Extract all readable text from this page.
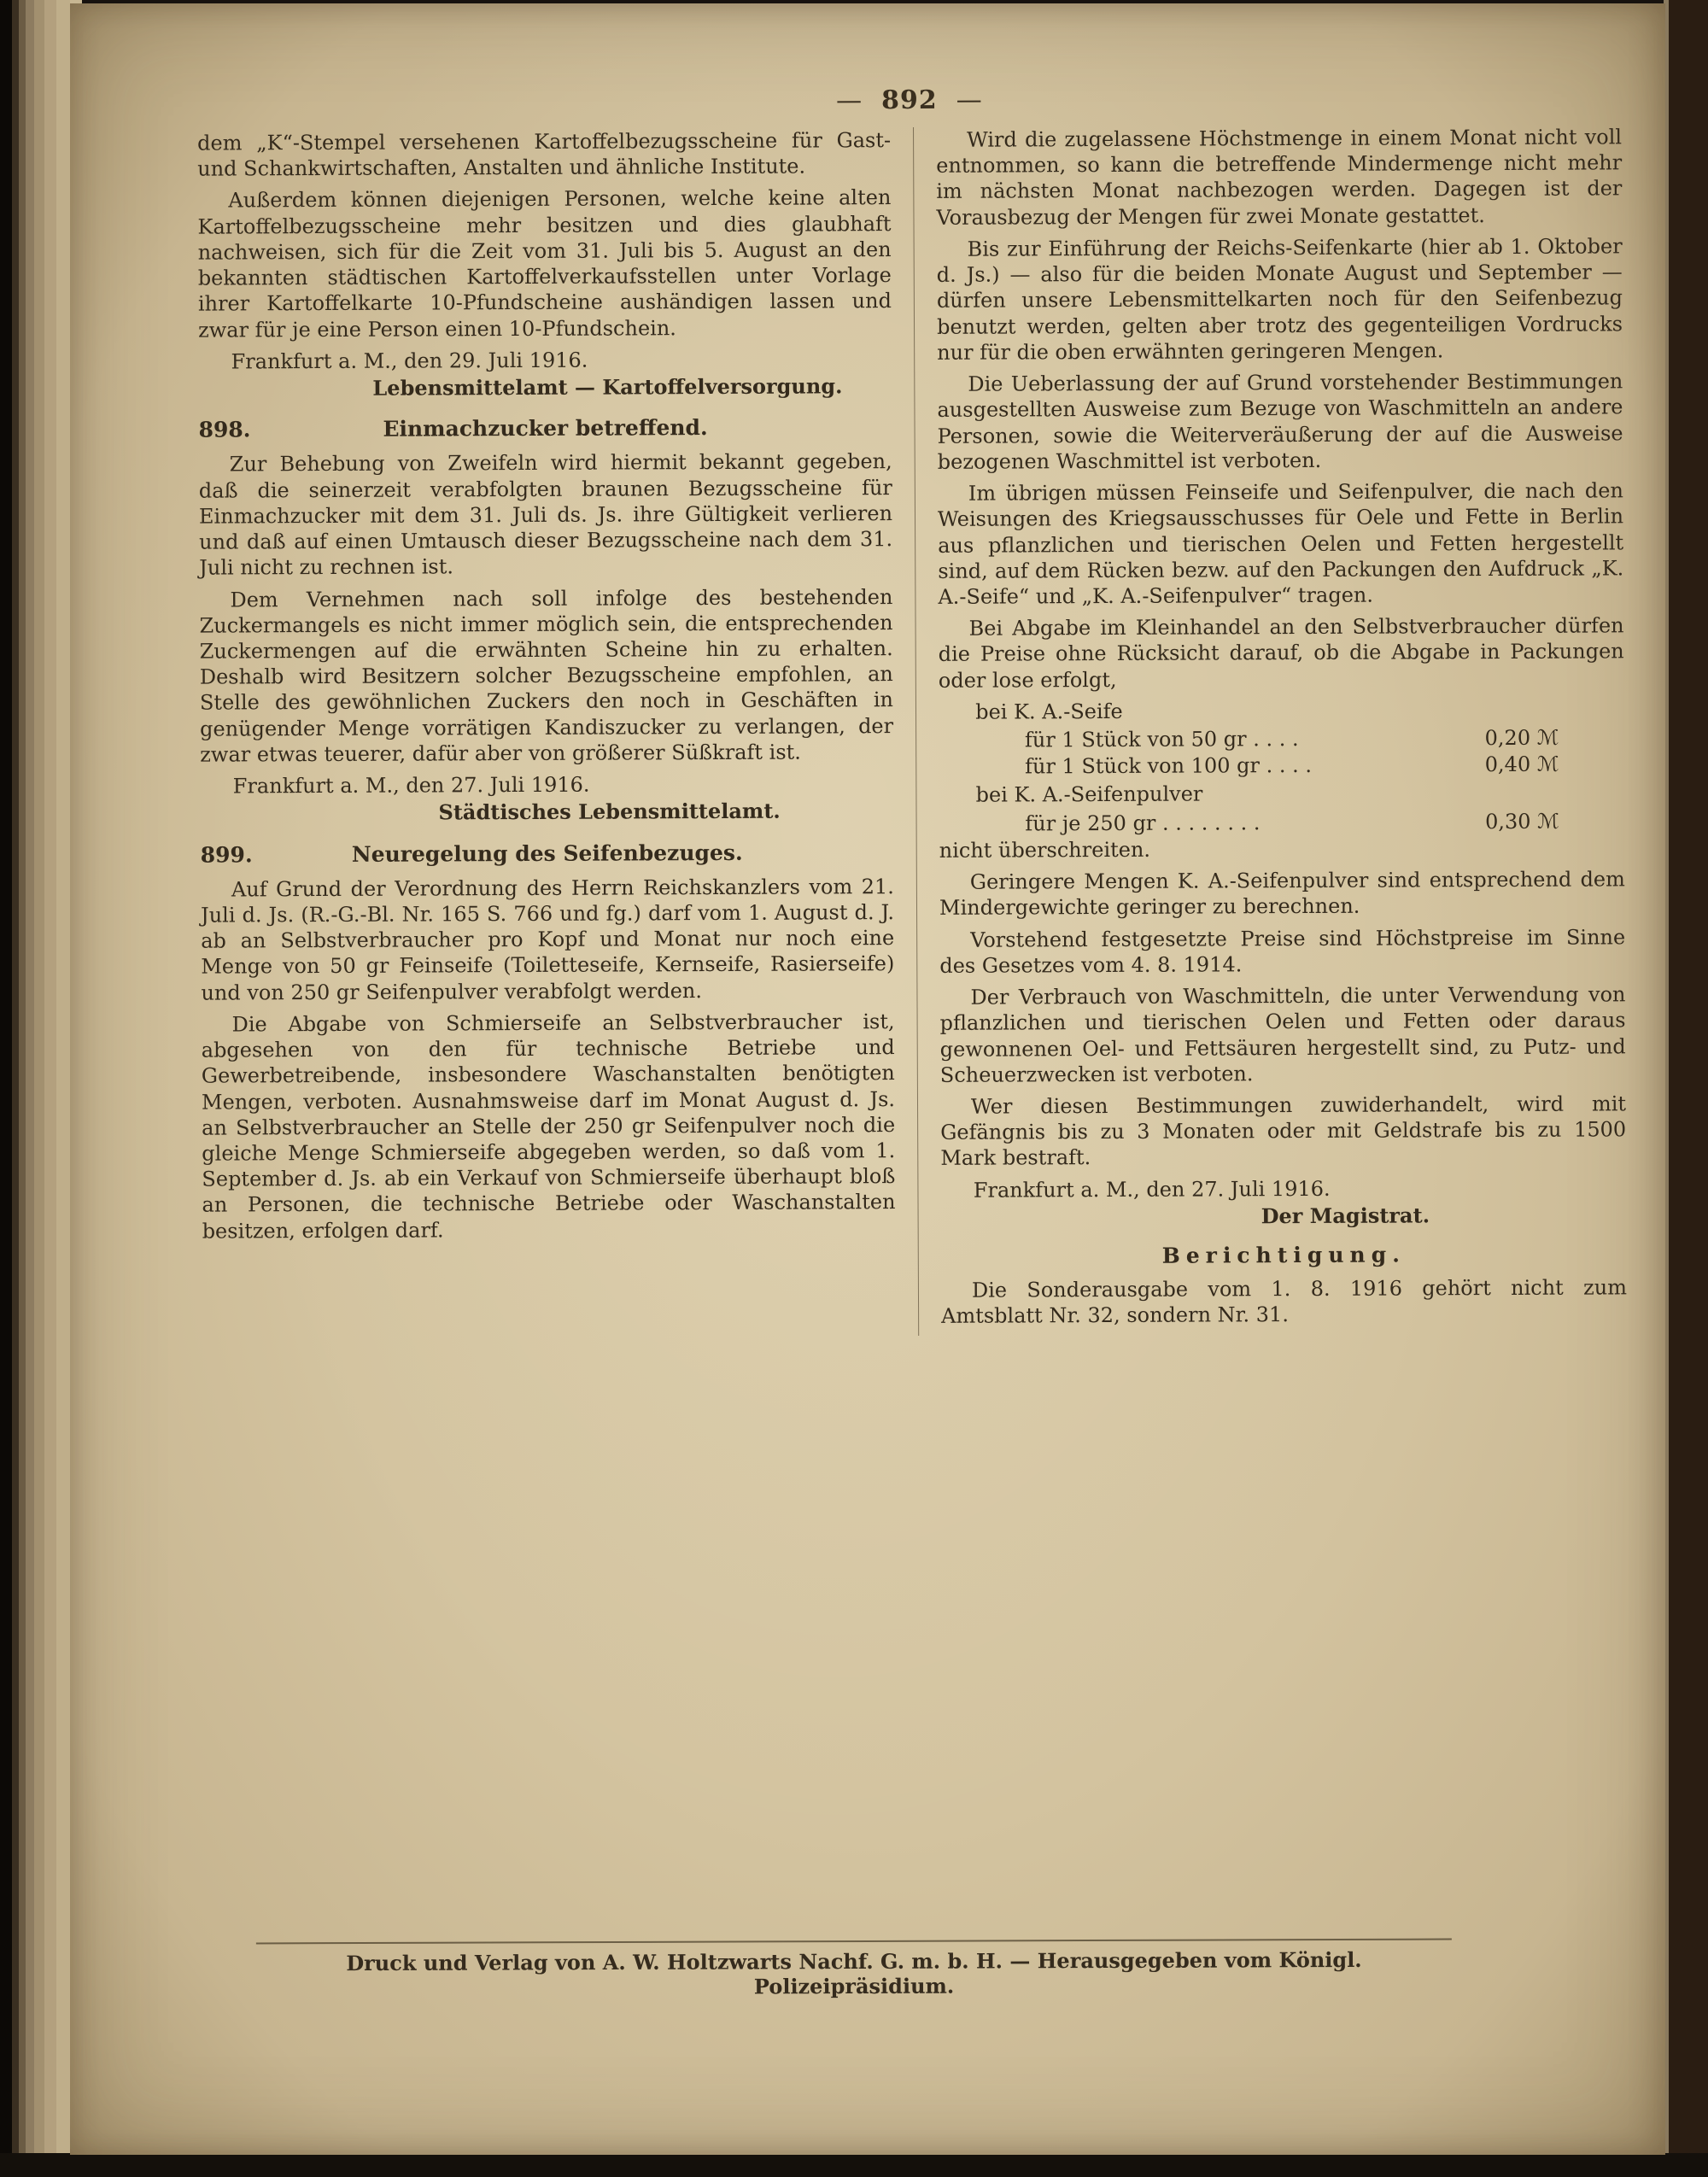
— 892 —

dem „K“-Stempel versehenen Kartoffelbezugsscheine für Gast- und Schankwirtschaften, Anstalten und ähnliche Institute.

Außerdem können diejenigen Personen, welche keine alten Kartoffelbezugsscheine mehr besitzen und dies glaubhaft nachweisen, sich für die Zeit vom 31. Juli bis 5. August an den bekannten städtischen Kartoffelverkaufsstellen unter Vorlage ihrer Kartoffelkarte 10-Pfundscheine aushändigen lassen und zwar für je eine Person einen 10-Pfundschein.

Frankfurt a. M., den 29. Juli 1916.

Lebensmittelamt — Kartoffelversorgung.

898.	Einmachzucker betreffend.

Zur Behebung von Zweifeln wird hiermit bekannt gegeben, daß die seinerzeit verabfolgten braunen Bezugsscheine für Einmachzucker mit dem 31. Juli ds. Js. ihre Gültigkeit verlieren und daß auf einen Umtausch dieser Bezugsscheine nach dem 31. Juli nicht zu rechnen ist.

Dem Vernehmen nach soll infolge des bestehenden Zuckermangels es nicht immer möglich sein, die entsprechenden Zuckermengen auf die erwähnten Scheine hin zu erhalten. Deshalb wird Besitzern solcher Bezugsscheine empfohlen, an Stelle des gewöhnlichen Zuckers den noch in Geschäften in genügender Menge vorrätigen Kandiszucker zu verlangen, der zwar etwas teuerer, dafür aber von größerer Süßkraft ist.

Frankfurt a. M., den 27. Juli 1916.

Städtisches Lebensmittelamt.

899.	Neuregelung des Seifenbezuges.

Auf Grund der Verordnung des Herrn Reichskanzlers vom 21. Juli d. Js. (R.-G.-Bl. Nr. 165 S. 766 und fg.) darf vom 1. August d. J. ab an Selbstverbraucher pro Kopf und Monat nur noch eine Menge von 50 gr Feinseife (Toiletteseife, Kernseife, Rasierseife) und von 250 gr Seifenpulver verabfolgt werden.

Die Abgabe von Schmierseife an Selbstverbraucher ist, abgesehen von den für technische Betriebe und Gewerbetreibende, insbesondere Waschanstalten benötigten Mengen, verboten. Ausnahmsweise darf im Monat August d. Js. an Selbstverbraucher an Stelle der 250 gr Seifenpulver noch die gleiche Menge Schmierseife abgegeben werden, so daß vom 1. September d. Js. ab ein Verkauf von Schmierseife überhaupt bloß an Personen, die technische Betriebe oder Waschanstalten besitzen, erfolgen darf.

Wird die zugelassene Höchstmenge in einem Monat nicht voll entnommen, so kann die betreffende Mindermenge nicht mehr im nächsten Monat nachbezogen werden. Dagegen ist der Vorausbezug der Mengen für zwei Monate gestattet.

Bis zur Einführung der Reichs-Seifenkarte (hier ab 1. Oktober d. Js.) — also für die beiden Monate August und September — dürfen unsere Lebensmittelkarten noch für den Seifenbezug benutzt werden, gelten aber trotz des gegenteiligen Vordrucks nur für die oben erwähnten geringeren Mengen.

Die Ueberlassung der auf Grund vorstehender Bestimmungen ausgestellten Ausweise zum Bezuge von Waschmitteln an andere Personen, sowie die Weiterveräußerung der auf die Ausweise bezogenen Waschmittel ist verboten.

Im übrigen müssen Feinseife und Seifenpulver, die nach den Weisungen des Kriegsausschusses für Oele und Fette in Berlin aus pflanzlichen und tierischen Oelen und Fetten hergestellt sind, auf dem Rücken bezw. auf den Packungen den Aufdruck „K. A.-Seife“ und „K. A.-Seifenpulver“ tragen.

Bei Abgabe im Kleinhandel an den Selbstverbraucher dürfen die Preise ohne Rücksicht darauf, ob die Abgabe in Packungen oder lose erfolgt,

bei K. A.-Seife
für 1 Stück von 50 gr . . . .	0,20 ℳ
für 1 Stück von 100 gr . . . .	0,40 ℳ
bei K. A.-Seifenpulver
für je 250 gr . . . . . . . .	0,30 ℳ

nicht überschreiten.

Geringere Mengen K. A.-Seifenpulver sind entsprechend dem Mindergewichte geringer zu berechnen.

Vorstehend festgesetzte Preise sind Höchstpreise im Sinne des Gesetzes vom 4. 8. 1914.

Der Verbrauch von Waschmitteln, die unter Verwendung von pflanzlichen und tierischen Oelen und Fetten oder daraus gewonnenen Oel- und Fettsäuren hergestellt sind, zu Putz- und Scheuerzwecken ist verboten.

Wer diesen Bestimmungen zuwiderhandelt, wird mit Gefängnis bis zu 3 Monaten oder mit Geldstrafe bis zu 1500 Mark bestraft.

Frankfurt a. M., den 27. Juli 1916.

Der Magistrat.

Berichtigung.

Die Sonderausgabe vom 1. 8. 1916 gehört nicht zum Amtsblatt Nr. 32, sondern Nr. 31.

Druck und Verlag von A. W. Holtzwarts Nachf. G. m. b. H. — Herausgegeben vom Königl. Polizeipräsidium.
